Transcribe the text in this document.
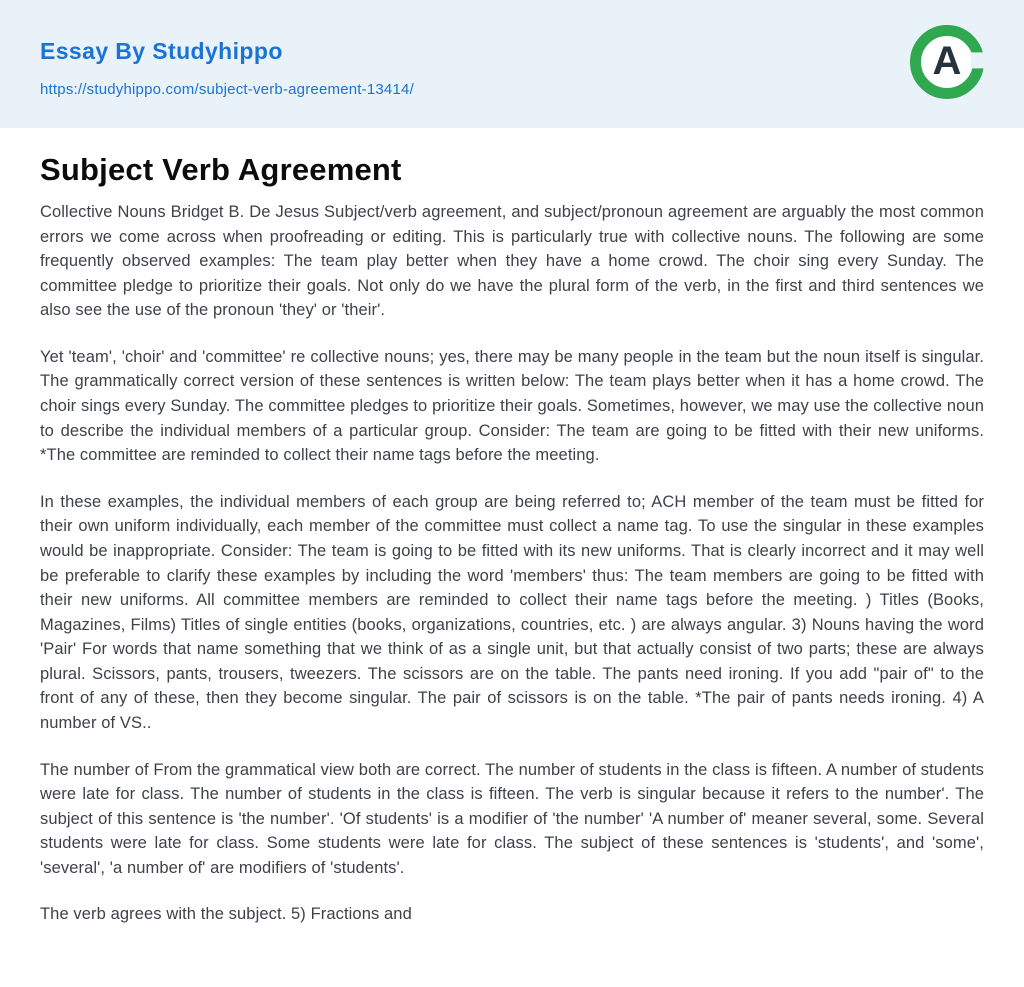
Essay By Studyhippo
https://studyhippo.com/subject-verb-agreement-13414/
A
Subject Verb Agreement

Collective Nouns Bridget B. De Jesus Subject/verb agreement, and subject/pronoun agreement are arguably the most common errors we come across when proofreading or editing. This is particularly true with collective nouns. The following are some frequently observed examples: The team play better when they have a home crowd. The choir sing every Sunday. The committee pledge to prioritize their goals. Not only do we have the plural form of the verb, in the first and third sentences we also see the use of the pronoun 'they' or 'their'.

Yet 'team', 'choir' and 'committee' re collective nouns; yes, there may be many people in the team but the noun itself is singular. The grammatically correct version of these sentences is written below: The team plays better when it has a home crowd. The choir sings every Sunday. The committee pledges to prioritize their goals. Sometimes, however, we may use the collective noun to describe the individual members of a particular group. Consider: The team are going to be fitted with their new uniforms. *The committee are reminded to collect their name tags before the meeting.

In these examples, the individual members of each group are being referred to; ACH member of the team must be fitted for their own uniform individually, each member of the committee must collect a name tag. To use the singular in these examples would be inappropriate. Consider: The team is going to be fitted with its new uniforms. That is clearly incorrect and it may well be preferable to clarify these examples by including the word 'members' thus: The team members are going to be fitted with their new uniforms. All committee members are reminded to collect their name tags before the meeting. ) Titles (Books, Magazines, Films) Titles of single entities (books, organizations, countries, etc. ) are always angular. 3) Nouns having the word 'Pair' For words that name something that we think of as a single unit, but that actually consist of two parts; these are always plural. Scissors, pants, trousers, tweezers. The scissors are on the table. The pants need ironing. If you add "pair of" to the front of any of these, then they become singular. The pair of scissors is on the table. *The pair of pants needs ironing. 4) A number of VS..

The number of From the grammatical view both are correct. The number of students in the class is fifteen. A number of students were late for class. The number of students in the class is fifteen. The verb is singular because it refers to the number'. The subject of this sentence is 'the number'. 'Of students' is a modifier of 'the number' 'A number of' meaner several, some. Several students were late for class. Some students were late for class. The subject of these sentences is 'students', and 'some', 'several', 'a number of' are modifiers of 'students'.

The verb agrees with the subject. 5) Fractions and
